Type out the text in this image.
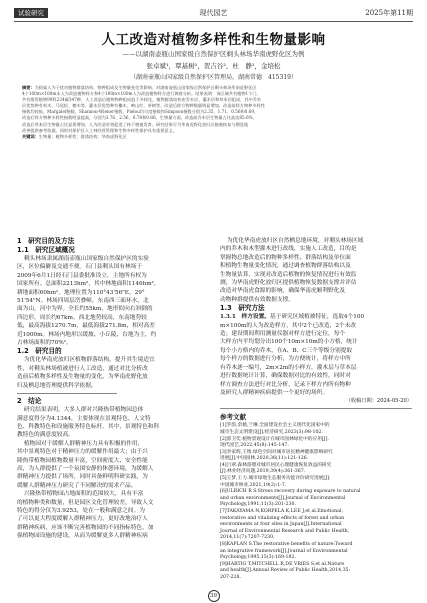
试验研究	现代园艺	2025年第11期
人工改造对植物多样性和生物量影响
——以湖南壶瓶山国家级自然保护区剩头林场华南虎野化区为例
张卓斌¹，覃基树²，贺吉谷²，杜　静²，金培松
（湖南壶瓶山国家级自然保护区管理局，湖南常德　415319）
摘要：为探索人为干扰对植物群落结构、物种组成及生物量变化等影响，对湖南壶瓶山国家级自然保护区剩头林场华南虎野化区
4个100m×100m未人为改造植物样方和4个100m×100m人为改造植物样方进行调查分析。结果表明：该区域共有植物1个门，
共有维管植物99科234属347种，人工改造后植物物种组成趋于多样化，植物群落结构由乔木层、灌木层和草本层组成，其中乔木
层优势种有杉木、马尾松、檫木等，灌木层优势种有檵木、映山红、茶树等。改造后样方物种数量明显增加，改造前样方物种多样性
指数均较低，Margalef指数、Shannon-Wiener指数、Pielou均匀度指数和Simpson指数分别为2.35、1.71、0.56和0.69，
改造后样方物种多样性指数明显提高，分别为3.76、2.56、0.78和0.86。生物量方面，改造前乔木层生物量占比高达85.6%，
改造后草本层生物量占比显著增加，人为改造有效促进了林下植被发育。研究结果可为华南虎野化放归区植被恢复与栖息地
改善提供参考依据，同时对保护区人工林经营管理和生物多样性保护具有重要意义。
关键词：生物量；植物多样性；群落结构；华南虎野化区

1　研究目的及方法

1.1　研究区域概况

剩头林场隶属湖南壶瓶山国家级自然保护区的实验

区，区位偏僻及交通不便。石门县剩头国有林场于

2009年6月1日经石门县委批准设立，主地所有权为

国家所有。总面积2213hm²，其中林地面积1146hm²，

耕地面积60hm²。地理位置为110°43'56"E，29°

51'54"N。林场四周层峦叠嶂，东南西三面环水，北

面为山，河中为界。全长约55km，地形似向右斜倒的

四边形，周长约67km。西北地势较高，东南地势较

低，最高海拔1270.7m，最低海拔271.8m，相对高差

近1000m。林场内地形以缓坡、小丘陵、台地为主，约

占林场面积的70%²。

1.2　研究目的

为优化华南虎放归区植物群落结构，提升其生境适宜

性，对剩头林场植被进行人工改造，通过对比分析改

造前后植物多样性及生物量的变化，为华南虎野化放

归及栖息地管理提供科学依据。

2　结论

研究结果表明，大多人群对兴隆热带植物园总体

满意度得分为4.1344，主要体现在景观特色、人文特

色、科教特色和设施服务特色标杆。其中，景观特色和科

教特色的满意度较高。

植物园对于缓解人群精神压力具有积极的作用，

其中景观特色对于精神压力的缓解作用最大；由于兴

隆热带植物园植物数量丰富，空间密度大、安全性能

高，为人群提供了一个氛围安静的休憩环境，为缓解人

群精神压力提供了场所，同时具备鲜明科研实践，为

缓解人群精神压力研究了不同解决的需求产品。

兴隆热带植物园占地面积的范围较大，具有丰富

的植物种类和数量，但是园区文化管理较差，导致人文

特色的得分仅为3.9253，处在一般和满意之间。为

了可以更大程度缓解人群精神压力，更好改地治疗人

群精神疾病，应该不断完善植物园的不同指标特色，加

强植物园设施的建设，从而为缓解更多人群精神疾病

为优化华南虎放归区自然栖息地环境，对剩头林场区域

内的乔木和木型灌木进行改线，实施人工改造，目的是

掌握物总地改造后的物种多样性、群落结构及单位面

积植物生物量变化情况，通过调查植物群落结构以及

生物量估算，实现对改造后植物的恢复情况进行有效监

测，为华南虎野化放归区提供植物恢复数据支撑并评估

改造对华南虎食源的影响，确保华南虎顺利野化及

动物种群提供有效数据支撑。

1.3　研究方法

1.3.1　样方设置。基于研究区域植被特征，选取4个100

m×100m的人为改造样方，其中2个已改造，2个未改

造；建设期间利用测量仪器对样方进行定位，每个

大样方内平均划分出100个10m×10m的小方格，统计

每个小方格内的乔木，在A、B、C三个等级分别提取

每个样方的数据进行分析，为方便统计，将样方中所

有乔木逐一编号，2m×2m的小样方，灌木层与草本层

进行数据统计计算，确保数据对比的有效性，同时对

样方调查方法进行对比分析，记录下样方内所有物种

及研究人群精神疾病提供一个更好的场所。

（收稿日期：2024-05-20）

参考文献

[1]罗韵,余薇,兰琳.全面建设社会主义现代化国家中的

城市生态文明建设[J].经济研究,2023(3):98-102.

[2]郭卫奕.植物景观设计在城市园林绿化中的应用[J].

现代园艺,2022,45(8):145-147.

[3]李家辉,王维.绿色空间对城市居民精神健康影响研究

进展[J].中国园林,2020,36(11):121-126.

[4]吕翠.森林游憩对城市居民心理健康恢复效益的研究

[J].林业经济问题,2019,39(4):361-367.

[5]王梦,王力.城市绿地生态服务功能评价研究进展[J].

中国城市林业,2021,19(2):1-7.

[6]ULRICH R S.Stress recovery during exposure to natural

and urban environments[J].Journal of Environmental

Psychology,1991,11(3):201-230.

[7]TAKAYAMA N,KORPELA K,LEE J,et al.Emotional,

restorative and vitalizing effects of forest and urban

environments at four sites in Japan[J].International

Journal of Environmental Research and Public Health,

2014,11(7):7207-7230.

[8]KAPLAN S.The restorative benefits of nature:Toward

an integrative framework[J].Journal of Environmental

Psychology,1995,15(3):169-182.

[9]HARTIG T,MITCHELL R,DE VRIES S,et al.Nature

and health[J].Annual Review of Public Health,2014,35:

207-228.

39
